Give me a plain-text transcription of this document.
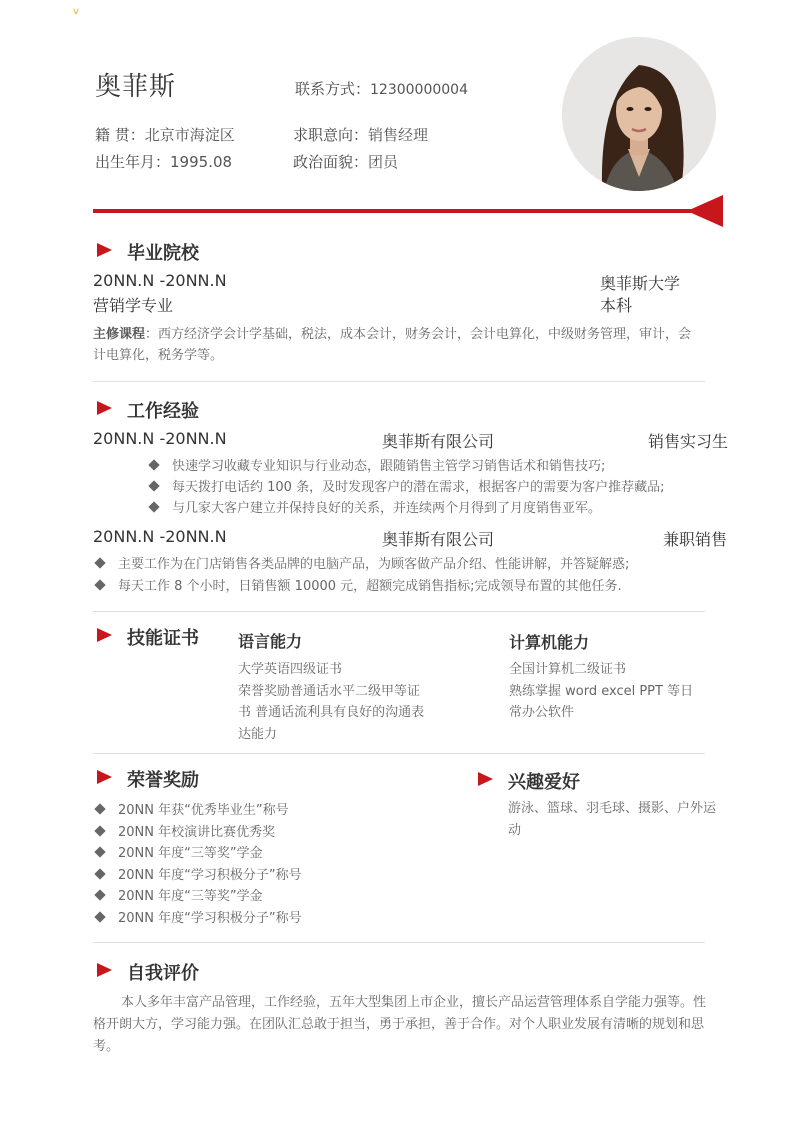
v
奥菲斯	联系方式：12300000004
籍 贯：北京市海淀区	求职意向：销售经理
出生年月：1995.08	政治面貌：团员
毕业院校
20NN.N -20NN.N	奥菲斯大学
营销学专业	本科
主修课程：西方经济学会计学基础，税法，成本会计，财务会计，会计电算化，中级财务管理，审计，会
计电算化，税务学等。
工作经验
20NN.N -20NN.N	奥菲斯有限公司	销售实习生
快速学习收藏专业知识与行业动态，跟随销售主管学习销售话术和销售技巧;
每天拨打电话约 100 条，及时发现客户的潜在需求，根据客户的需要为客户推荐藏品;
与几家大客户建立并保持良好的关系，并连续两个月得到了月度销售亚军。
20NN.N -20NN.N	奥菲斯有限公司	兼职销售
主要工作为在门店销售各类品牌的电脑产品，为顾客做产品介绍、性能讲解，并答疑解惑;
每天工作 8 个小时，日销售额 10000 元，超额完成销售指标;完成领导布置的其他任务.
技能证书 语言能力
大学英语四级证书
荣誉奖励普通话水平二级甲等证
书 普通话流利具有良好的沟通表
达能力
计算机能力
全国计算机二级证书
熟练掌握 word excel PPT 等日
常办公软件
荣誉奖励
20NN 年获“优秀毕业生”称号
20NN 年校演讲比赛优秀奖
20NN 年度“三等奖”学金
20NN 年度“学习积极分子”称号
20NN 年度“三等奖”学金
20NN 年度“学习积极分子”称号
兴趣爱好
游泳、篮球、羽毛球、摄影、户外运
动
自我评价
本人多年丰富产品管理，工作经验，五年大型集团上市企业，擅长产品运营管理体系自学能力强等。性
格开朗大方，学习能力强。在团队汇总敢于担当，勇于承担，善于合作。对个人职业发展有清晰的规划和思
考。
